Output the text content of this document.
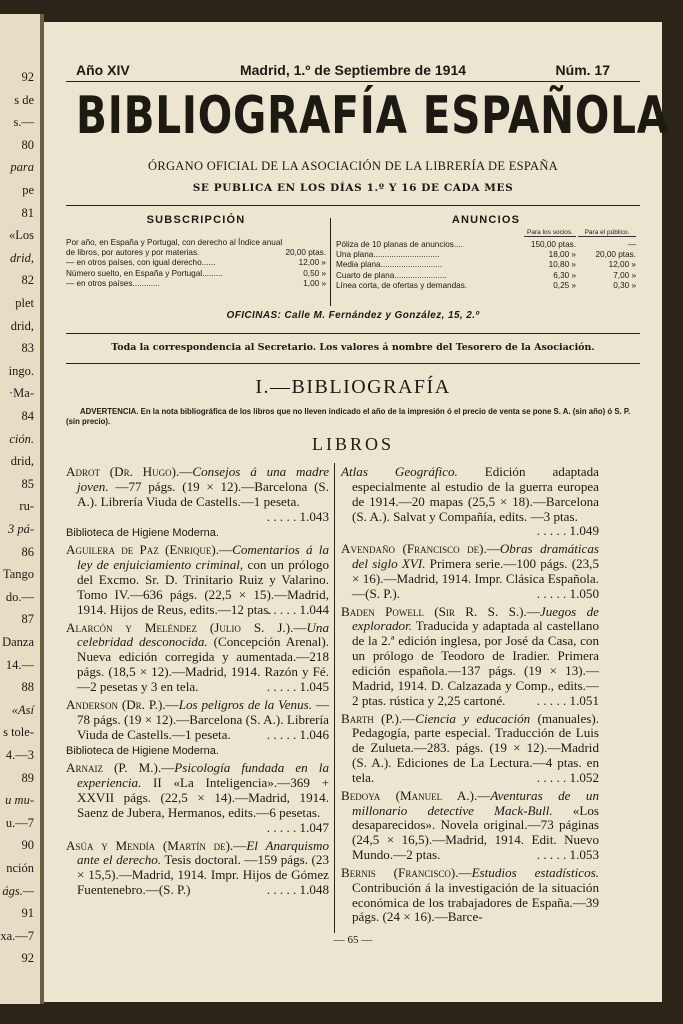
92
s de
s.—
80
para
pe
81
«Los
drid,
82
plet
drid,
83
ingo.
·Ma-
84
ción.
drid,
85
ru-
3 pá-
86
Tango
do.—
87
Danza
14.—
88
«Así
s tole-
4.—3
89
u mu-
u.—7
90
nción
ágs.—
91
xa.—7
92
Año XIV	Madrid, 1.º de Septiembre de 1914	Núm. 17
BIBLIOGRAFÍA ESPAÑOLA
ÓRGANO OFICIAL DE LA ASOCIACIÓN DE LA LIBRERÍA DE ESPAÑA
SE PUBLICA EN LOS DÍAS 1.º Y 16 DE CADA MES
SUBSCRIPCIÓN
Por año, en España y Portugal, con derecho al Índice anual
de libros, por autores y por materias.	20,00 ptas.
— en otros países, con igual derecho......	12,00 »
Número suelto, en España y Portugal.........	0,50 »
— en otros países............	1,00 »
ANUNCIOS
Para los socios.	Para el público.
Póliza de 10 planas de anuncios....	150,00 ptas.	—
Una plana.............................	18,00 »	20,00 ptas.
Media plana...........................	10,80 »	12,00 »
Cuarto de plana.......................	6,30 »	7,00 »
Línea corta, de ofertas y demandas.	0,25 »	0,30 »
OFICINAS: Calle M. Fernández y González, 15, 2.º
Toda la correspondencia al Secretario. Los valores á nombre del Tesorero de la Asociación.
I.—BIBLIOGRAFÍA
ADVERTENCIA. En la nota bibliográfica de los libros que no lleven indicado el año de la impresión ó el precio de venta se pone S. A. (sin año) ó S. P. (sin precio).
LIBROS
Adrot (Dr. Hugo).—Consejos á una madre joven. —77 págs. (19 × 12).—Barcelona (S. A.). Librería Viuda de Castells.—1 peseta.
. . . . . 1.043
Biblioteca de Higiene Moderna.
Aguilera de Paz (Enrique).—Comentarios á la ley de enjuiciamiento criminal, con un prólogo del Excmo. Sr. D. Trinitario Ruiz y Valarino. Tomo IV.—636 págs. (22,5 × 15).—Madrid, 1914. Hijos de Reus, edits.—12 ptas.
. . . . . 1.044
Alarcón y Meléndez (Julio S. J.).—Una celebridad desconocida. (Concepción Arenal). Nueva edición corregida y aumentada.—218 págs. (18,5 × 12).—Madrid, 1914. Razón y Fé.—2 pesetas y 3 en tela.	. . . . . 1.045
Anderson (Dr. P.).—Los peligros de la Venus. —78 págs. (19 × 12).—Barcelona (S. A.). Librería Viuda de Castells.—1 peseta.	. . . . . 1.046
Biblioteca de Higiene Moderna.
Arnaiz (P. M.).—Psicología fundada en la experiencia. II «La Inteligencia».—369 + XXVII págs. (22,5 × 14).—Madrid, 1914. Saenz de Jubera, Hermanos, edits.—6 pesetas.
. . . . . 1.047
Asúa y Mendía (Martín de).—El Anarquismo ante el derecho. Tesis doctoral. —159 págs. (23 × 15,5).—Madrid, 1914. Impr. Hijos de Gómez Fuentenebro.—(S. P.)	. . . . . 1.048
Atlas Geográfico. Edición adaptada especialmente al estudio de la guerra europea de 1914.—20 mapas (25,5 × 18).—Barcelona (S. A.). Salvat y Compañía, edits. —3 ptas.
. . . . . 1.049
Avendaño (Francisco de).—Obras dramáticas del siglo XVI. Primera serie.—100 págs. (23,5 × 16).—Madrid, 1914. Impr. Clásica Española.—(S. P.).	. . . . . 1.050
Baden Powell (Sir R. S. S.).—Juegos de explorador. Traducida y adaptada al castellano de la 2.ª edición inglesa, por José da Casa, con un prólogo de Teodoro de Iradier. Primera edición española.—137 págs. (19 × 13).—Madrid, 1914. D. Calzazada y Comp., edits.—2 ptas. rústica y 2,25 cartoné. . . . . . 1.051
Barth (P.).—Ciencia y educación (manuales). Pedagogía, parte especial. Traducción de Luis de Zulueta.—283. págs. (19 × 12).—Madrid (S. A.). Ediciones de La Lectura.—4 ptas. en tela.	. . . . . 1.052
Bedoya (Manuel A.).—Aventuras de un millonario detective Mack-Bull. «Los desaparecidos». Novela original.—73 páginas (24,5 × 16,5).—Madrid, 1914. Edit. Nuevo Mundo.—2 ptas.	. . . . . 1.053
Bernis (Francisco).—Estudios estadísticos. Contribución á la investigación de la situación económica de los trabajadores de España.—39 págs. (24 × 16).—Barce-
— 65 —
